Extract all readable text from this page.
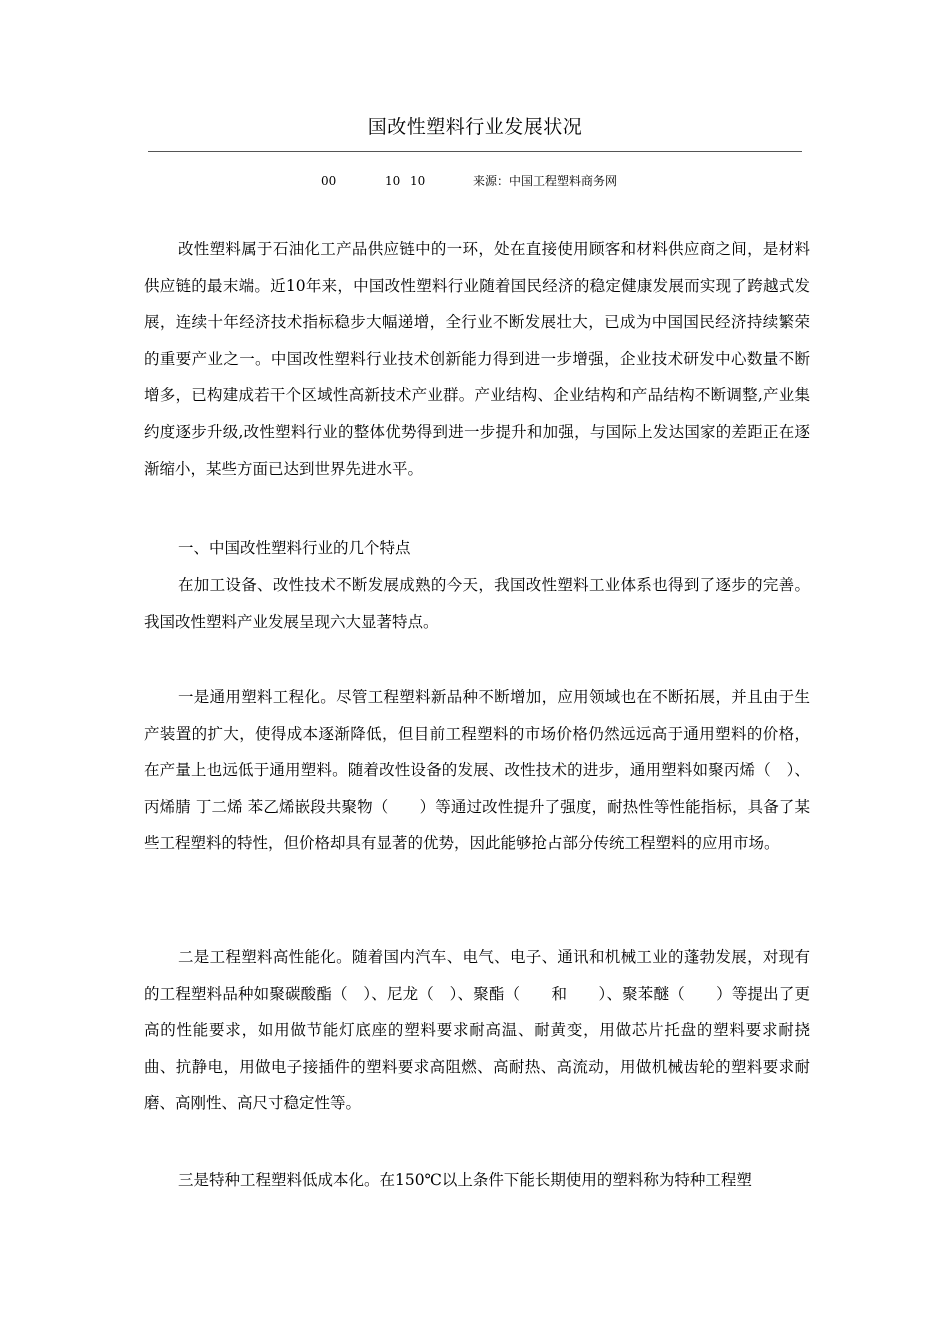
国改性塑料行业发展状况
00	10 10	来源：中国工程塑料商务网

改性塑料属于石油化工产品供应链中的一环，处在直接使用顾客和材料供应商之间，是材料供应链的最末端。近10年来，中国改性塑料行业随着国民经济的稳定健康发展而实现了跨越式发展，连续十年经济技术指标稳步大幅递增，全行业不断发展壮大，已成为中国国民经济持续繁荣的重要产业之一。中国改性塑料行业技术创新能力得到进一步增强，企业技术研发中心数量不断增多，已构建成若干个区域性高新技术产业群。产业结构、企业结构和产品结构不断调整,产业集约度逐步升级,改性塑料行业的整体优势得到进一步提升和加强，与国际上发达国家的差距正在逐渐缩小，某些方面已达到世界先进水平。

一、中国改性塑料行业的几个特点

在加工设备、改性技术不断发展成熟的今天，我国改性塑料工业体系也得到了逐步的完善。我国改性塑料产业发展呈现六大显著特点。

一是通用塑料工程化。尽管工程塑料新品种不断增加，应用领域也在不断拓展，并且由于生产装置的扩大，使得成本逐渐降低，但目前工程塑料的市场价格仍然远远高于通用塑料的价格，在产量上也远低于通用塑料。随着改性设备的发展、改性技术的进步，通用塑料如聚丙烯（　）、丙烯腈 丁二烯 苯乙烯嵌段共聚物（　　）等通过改性提升了强度，耐热性等性能指标，具备了某些工程塑料的特性，但价格却具有显著的优势，因此能够抢占部分传统工程塑料的应用市场。

二是工程塑料高性能化。随着国内汽车、电气、电子、通讯和机械工业的蓬勃发展，对现有的工程塑料品种如聚碳酸酯（　）、尼龙（　）、聚酯（　　和　　）、聚苯醚（　　）等提出了更高的性能要求，如用做节能灯底座的塑料要求耐高温、耐黄变，用做芯片托盘的塑料要求耐挠曲、抗静电，用做电子接插件的塑料要求高阻燃、高耐热、高流动，用做机械齿轮的塑料要求耐磨、高刚性、高尺寸稳定性等。

三是特种工程塑料低成本化。在150℃以上条件下能长期使用的塑料称为特种工程塑
